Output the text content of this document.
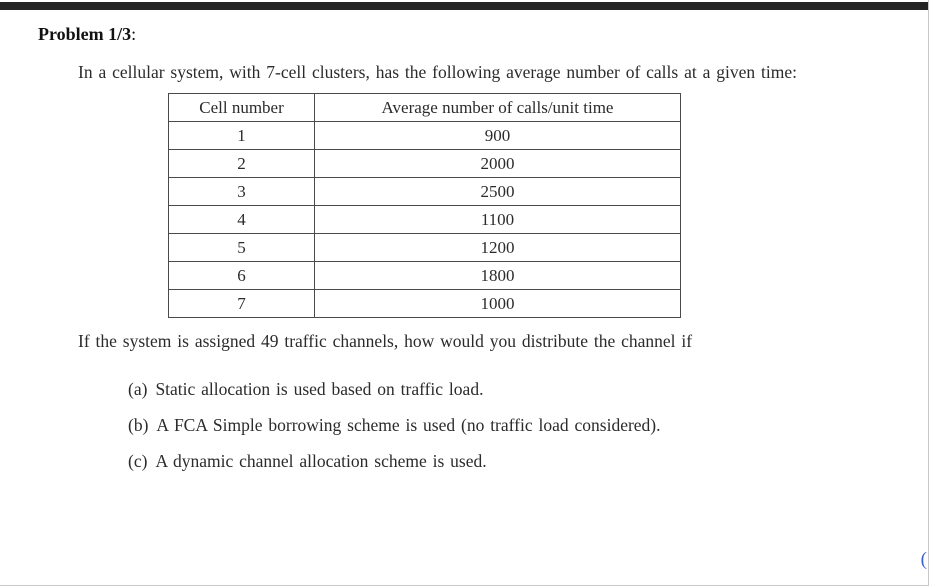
Problem 1/3:

In a cellular system, with 7-cell clusters, has the following average number of calls at a given time:

Cell number	Average number of calls/unit time
1	900
2	2000
3	2500
4	1100
5	1200
6	1800
7	1000

If the system is assigned 49 traffic channels, how would you distribute the channel if

(a) Static allocation is used based on traffic load.
(b) A FCA Simple borrowing scheme is used (no traffic load considered).
(c) A dynamic channel allocation scheme is used.
(
